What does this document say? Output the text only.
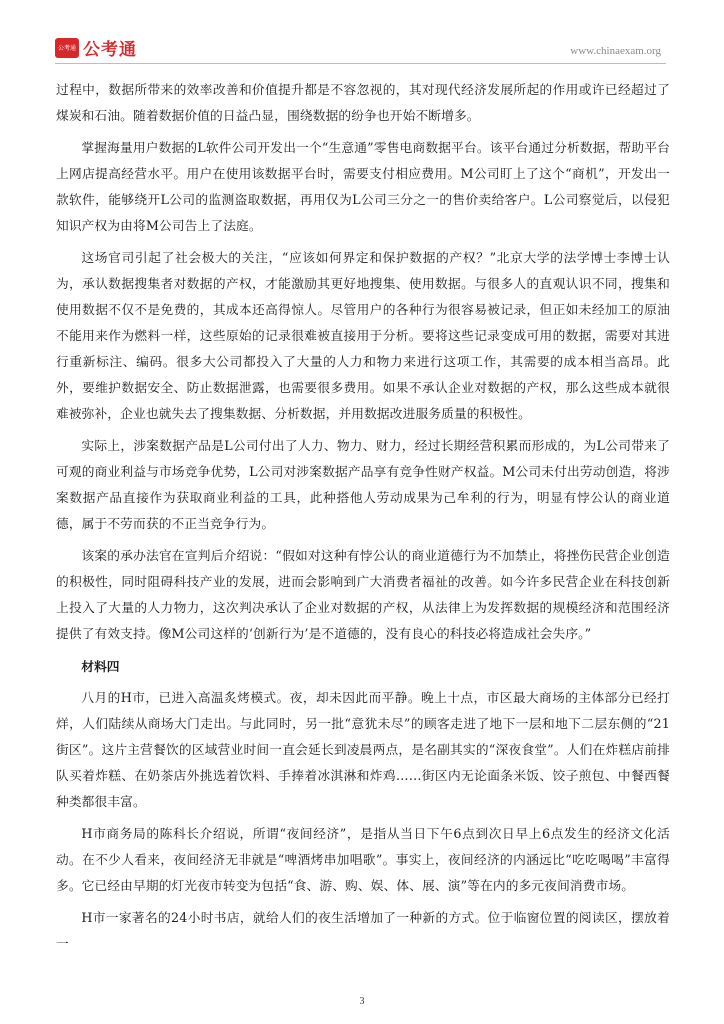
公考通 公考通	www.chinaexam.org

过程中，数据所带来的效率改善和价值提升都是不容忽视的，其对现代经济发展所起的作用或许已经超过了煤炭和石油。随着数据价值的日益凸显，围绕数据的纷争也开始不断增多。

掌握海量用户数据的L软件公司开发出一个“生意通”零售电商数据平台。该平台通过分析数据，帮助平台上网店提高经营水平。用户在使用该数据平台时，需要支付相应费用。M公司盯上了这个“商机”，开发出一款软件，能够绕开L公司的监测盗取数据，再用仅为L公司三分之一的售价卖给客户。L公司察觉后，以侵犯知识产权为由将M公司告上了法庭。

这场官司引起了社会极大的关注，“应该如何界定和保护数据的产权？”北京大学的法学博士李博士认为，承认数据搜集者对数据的产权，才能激励其更好地搜集、使用数据。与很多人的直观认识不同，搜集和使用数据不仅不是免费的，其成本还高得惊人。尽管用户的各种行为很容易被记录，但正如未经加工的原油不能用来作为燃料一样，这些原始的记录很难被直接用于分析。要将这些记录变成可用的数据，需要对其进行重新标注、编码。很多大公司都投入了大量的人力和物力来进行这项工作，其需要的成本相当高昂。此外，要维护数据安全、防止数据泄露，也需要很多费用。如果不承认企业对数据的产权，那么这些成本就很难被弥补，企业也就失去了搜集数据、分析数据，并用数据改进服务质量的积极性。

实际上，涉案数据产品是L公司付出了人力、物力、财力，经过长期经营积累而形成的，为L公司带来了可观的商业利益与市场竞争优势，L公司对涉案数据产品享有竞争性财产权益。M公司未付出劳动创造，将涉案数据产品直接作为获取商业利益的工具，此种搭他人劳动成果为己牟利的行为，明显有悖公认的商业道德，属于不劳而获的不正当竞争行为。

该案的承办法官在宣判后介绍说：“假如对这种有悖公认的商业道德行为不加禁止，将挫伤民营企业创造的积极性，同时阻碍科技产业的发展，进而会影响到广大消费者福祉的改善。如今许多民营企业在科技创新上投入了大量的人力物力，这次判决承认了企业对数据的产权，从法律上为发挥数据的规模经济和范围经济提供了有效支持。像M公司这样的‘创新行为’是不道德的，没有良心的科技必将造成社会失序。”

材料四

八月的H市，已进入高温炙烤模式。夜，却未因此而平静。晚上十点，市区最大商场的主体部分已经打烊，人们陆续从商场大门走出。与此同时，另一批“意犹未尽”的顾客走进了地下一层和地下二层东侧的“21街区”。这片主营餐饮的区域营业时间一直会延长到凌晨两点，是名副其实的“深夜食堂”。人们在炸糕店前排队买着炸糕、在奶茶店外挑选着饮料、手捧着冰淇淋和炸鸡……街区内无论面条米饭、饺子煎包、中餐西餐种类都很丰富。

H市商务局的陈科长介绍说，所谓“夜间经济”，是指从当日下午6点到次日早上6点发生的经济文化活动。在不少人看来，夜间经济无非就是“啤酒烤串加唱歌”。事实上，夜间经济的内涵远比“吃吃喝喝”丰富得多。它已经由早期的灯光夜市转变为包括“食、游、购、娱、体、展、演”等在内的多元夜间消费市场。

H市一家著名的24小时书店，就给人们的夜生活增加了一种新的方式。位于临窗位置的阅读区，摆放着一

3
